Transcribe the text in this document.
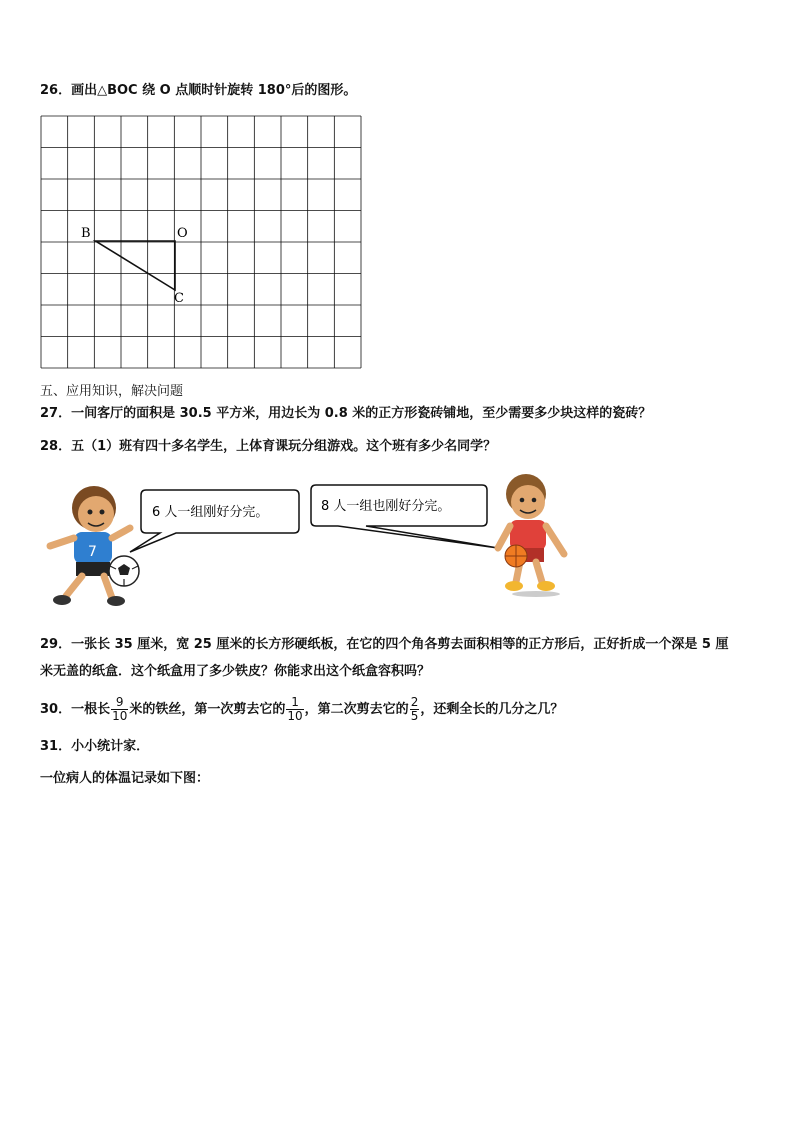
26．画出△BOC 绕 O 点顺时针旋转 180°后的图形。
B	O
C
五、应用知识，解决问题
27．一间客厅的面积是 30.5 平方米，用边长为 0.8 米的正方形瓷砖铺地，至少需要多少块这样的瓷砖？
28．五（1）班有四十多名学生，上体育课玩分组游戏。这个班有多少名同学？
7
6 人一组刚好分完。	8 人一组也刚好分完。
29．一张长 35 厘米，宽 25 厘米的长方形硬纸板，在它的四个角各剪去面积相等的正方形后，正好折成一个深是 5 厘
米无盖的纸盒．这个纸盒用了多少铁皮？你能求出这个纸盒容积吗？
30．一根长 $\frac{9}{10}$ 米的铁丝，第一次剪去它的 $\frac{1}{10}$ ，第二次剪去它的 $\frac{2}{5}$ ，还剩全长的几分之几？
31．小小统计家．
一位病人的体温记录如下图：
